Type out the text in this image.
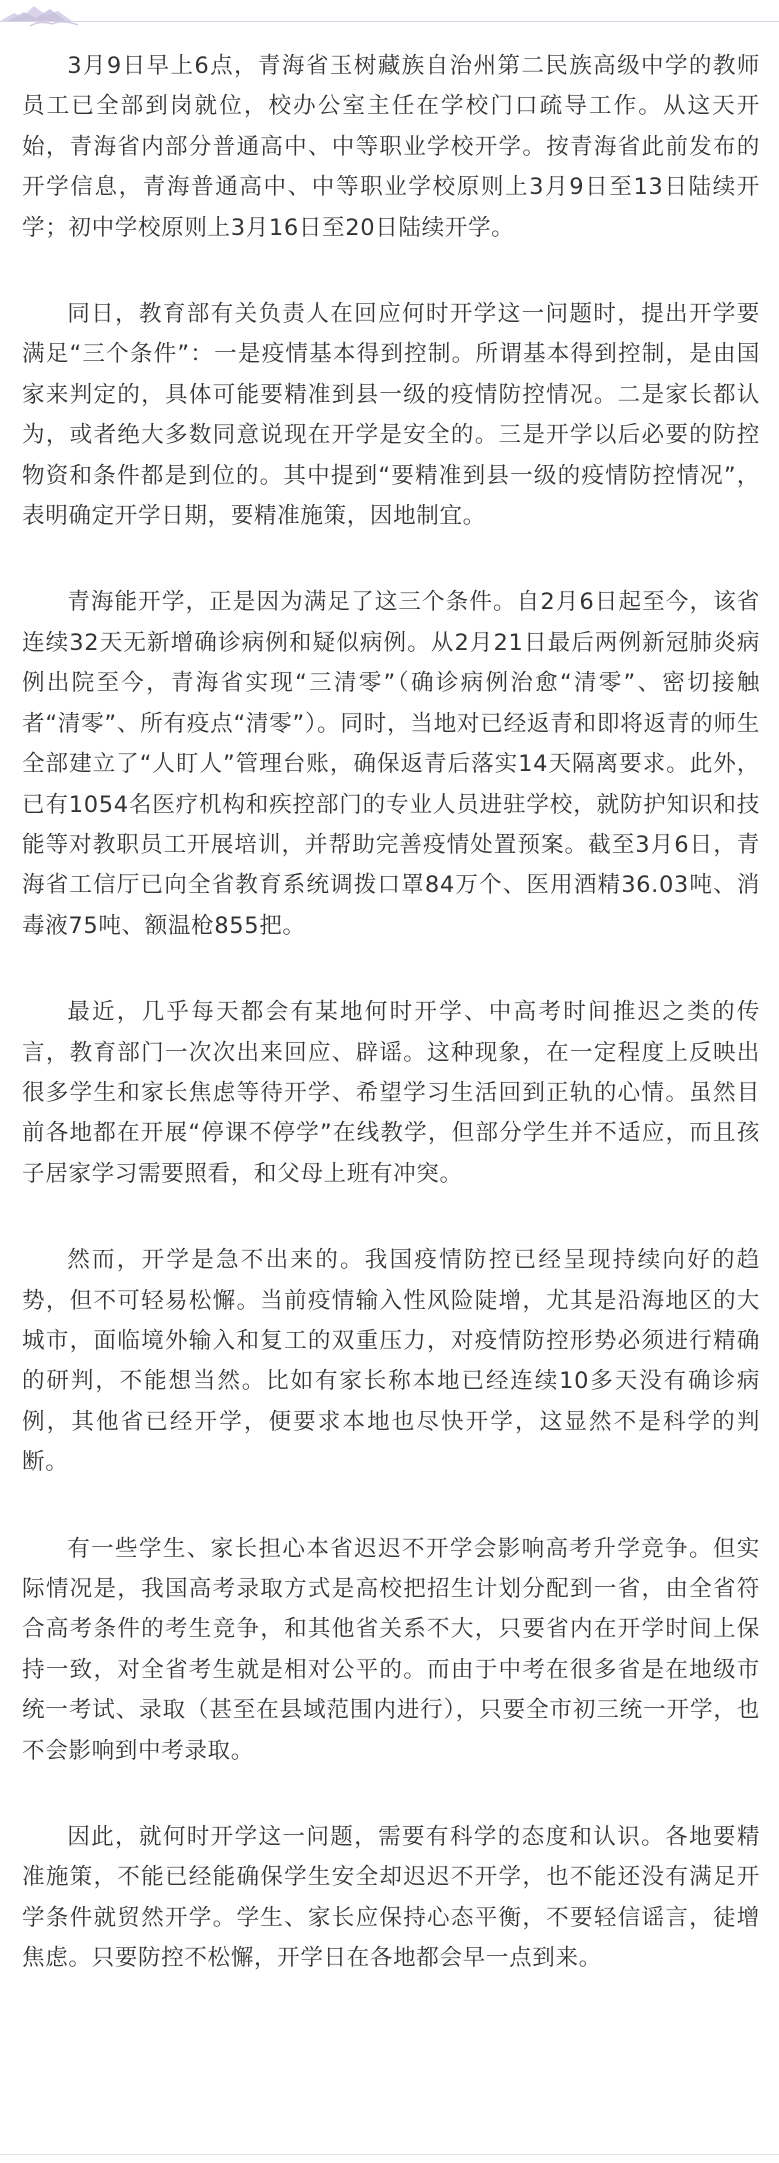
3月9日早上6点，青海省玉树藏族自治州第二民族高级中学的教师员工已全部到岗就位，校办公室主任在学校门口疏导工作。从这天开始，青海省内部分普通高中、中等职业学校开学。按青海省此前发布的开学信息，青海普通高中、中等职业学校原则上3月9日至13日陆续开学；初中学校原则上3月16日至20日陆续开学。

同日，教育部有关负责人在回应何时开学这一问题时，提出开学要满足“三个条件”：一是疫情基本得到控制。所谓基本得到控制，是由国家来判定的，具体可能要精准到县一级的疫情防控情况。二是家长都认为，或者绝大多数同意说现在开学是安全的。三是开学以后必要的防控物资和条件都是到位的。其中提到“要精准到县一级的疫情防控情况”，表明确定开学日期，要精准施策，因地制宜。

青海能开学，正是因为满足了这三个条件。自2月6日起至今，该省连续32天无新增确诊病例和疑似病例。从2月21日最后两例新冠肺炎病例出院至今，青海省实现“三清零”（确诊病例治愈“清零”、密切接触者“清零”、所有疫点“清零”）。同时，当地对已经返青和即将返青的师生全部建立了“人盯人”管理台账，确保返青后落实14天隔离要求。此外，已有1054名医疗机构和疾控部门的专业人员进驻学校，就防护知识和技能等对教职员工开展培训，并帮助完善疫情处置预案。截至3月6日，青海省工信厅已向全省教育系统调拨口罩84万个、医用酒精36.03吨、消毒液75吨、额温枪855把。

最近，几乎每天都会有某地何时开学、中高考时间推迟之类的传言，教育部门一次次出来回应、辟谣。这种现象，在一定程度上反映出很多学生和家长焦虑等待开学、希望学习生活回到正轨的心情。虽然目前各地都在开展“停课不停学”在线教学，但部分学生并不适应，而且孩子居家学习需要照看，和父母上班有冲突。

然而，开学是急不出来的。我国疫情防控已经呈现持续向好的趋势，但不可轻易松懈。当前疫情输入性风险陡增，尤其是沿海地区的大城市，面临境外输入和复工的双重压力，对疫情防控形势必须进行精确的研判，不能想当然。比如有家长称本地已经连续10多天没有确诊病例，其他省已经开学，便要求本地也尽快开学，这显然不是科学的判断。

有一些学生、家长担心本省迟迟不开学会影响高考升学竞争。但实际情况是，我国高考录取方式是高校把招生计划分配到一省，由全省符合高考条件的考生竞争，和其他省关系不大，只要省内在开学时间上保持一致，对全省考生就是相对公平的。而由于中考在很多省是在地级市统一考试、录取（甚至在县域范围内进行），只要全市初三统一开学，也不会影响到中考录取。

因此，就何时开学这一问题，需要有科学的态度和认识。各地要精准施策，不能已经能确保学生安全却迟迟不开学，也不能还没有满足开学条件就贸然开学。学生、家长应保持心态平衡，不要轻信谣言，徒增焦虑。只要防控不松懈，开学日在各地都会早一点到来。
